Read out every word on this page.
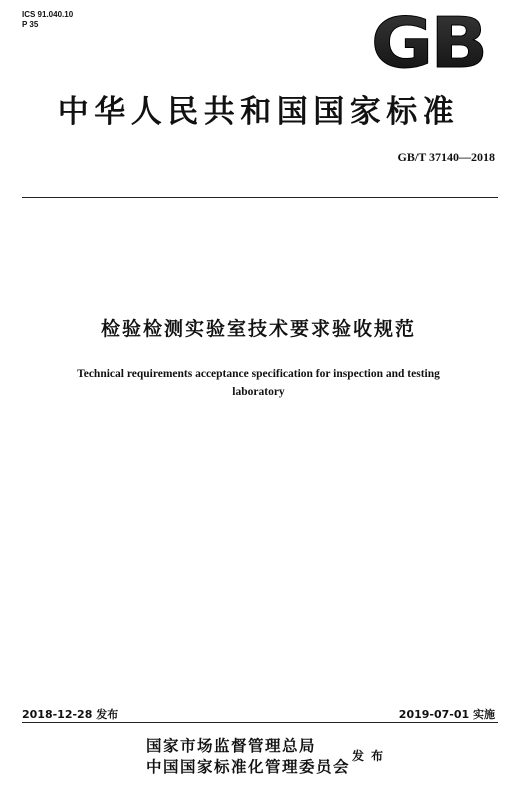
ICS 91.040.10
P 35	GB
中华人民共和国国家标准
GB/T 37140—2018
检验检测实验室技术要求验收规范
Technical requirements acceptance specification for inspection and testing laboratory
2018-12-28 发布	2019-07-01 实施
国家市场监督管理总局
中国国家标准化管理委员会
发布
